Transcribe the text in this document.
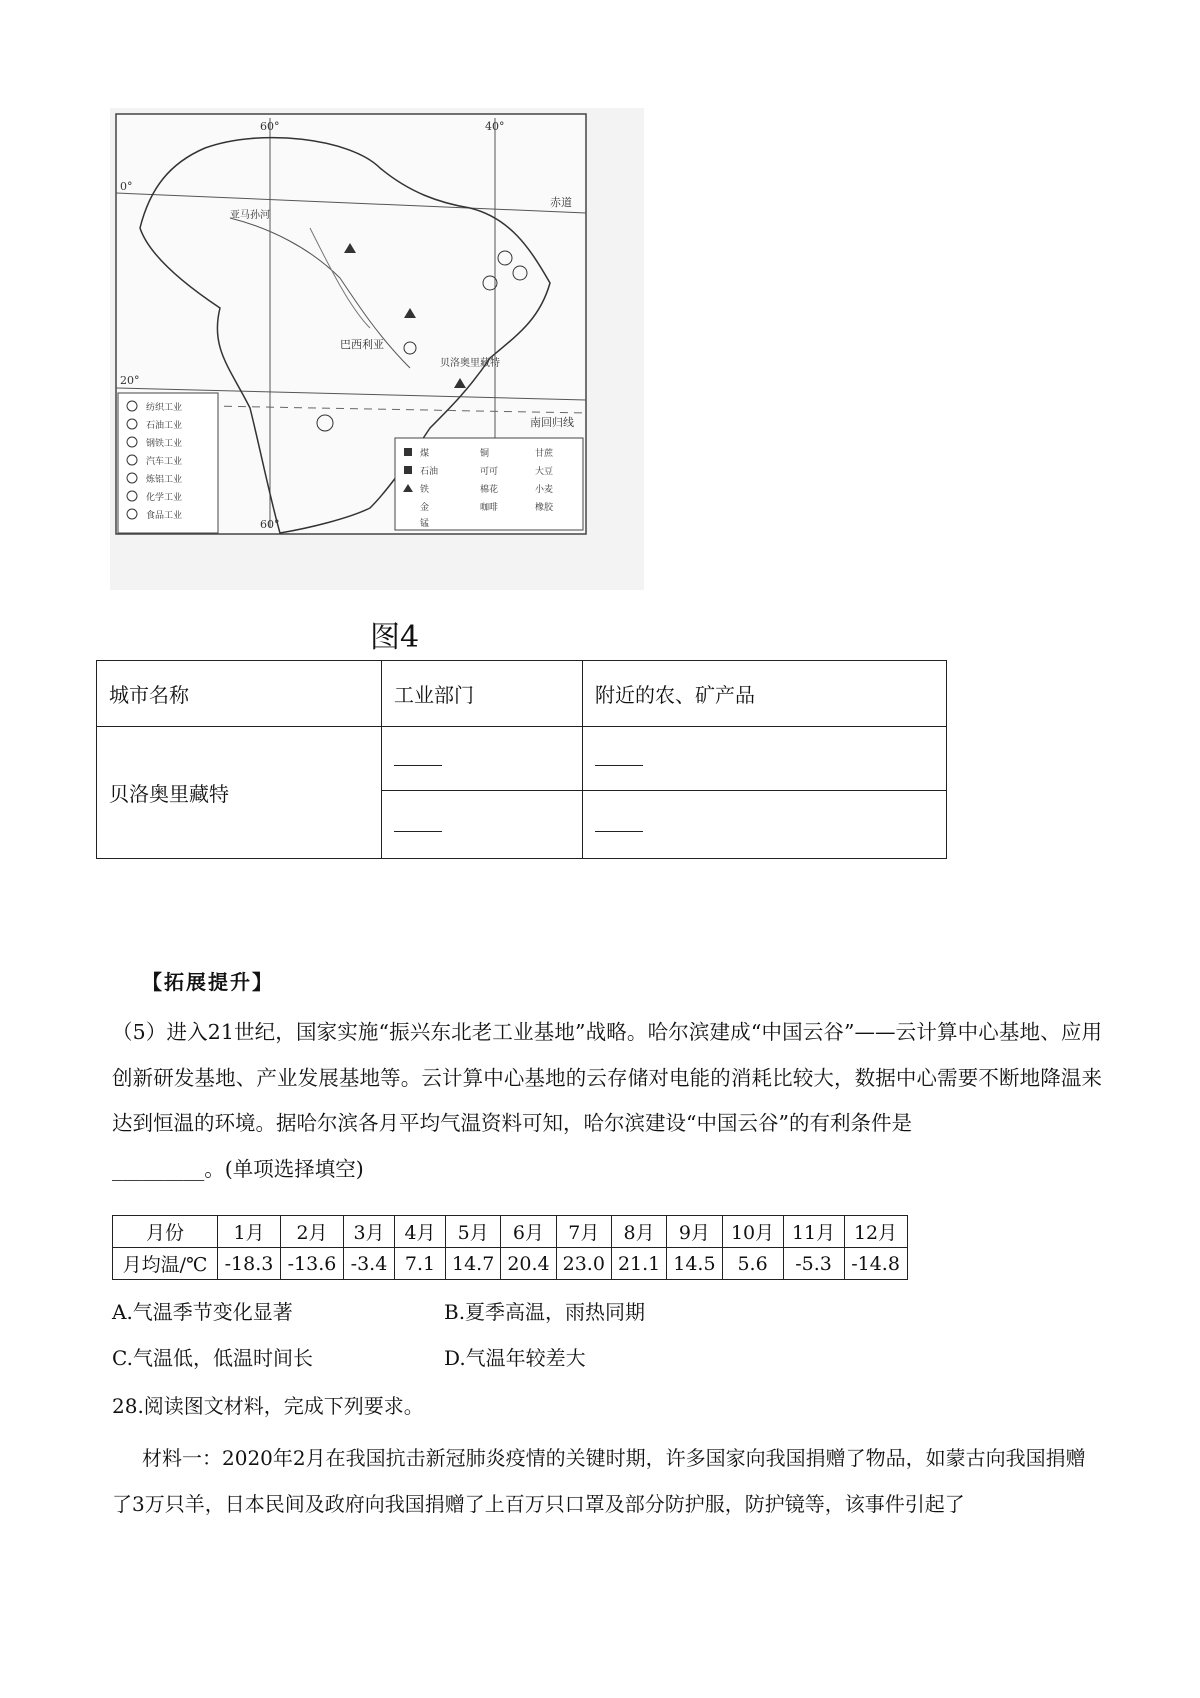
0°
20°
60°	40°
60°
赤道
南回归线
巴西利亚
贝洛奥里藏特
亚马孙河
纺织工业
石油工业
钢铁工业
汽车工业
炼铝工业
化学工业
食品工业
煤
石油
铁
金
锰
铜
可可
棉花
咖啡
甘蔗
大豆
小麦
橡胶
图4
城市名称	工业部门	附近的农、矿产品
贝洛奥里藏特		

【拓展提升】
（5）进入21世纪，国家实施“振兴东北老工业基地”战略。哈尔滨建成“中国云谷”——云计算中心基地、应用创新研发基地、产业发展基地等。云计算中心基地的云存储对电能的消耗比较大，数据中心需要不断地降温来达到恒温的环境。据哈尔滨各月平均气温资料可知，哈尔滨建设“中国云谷”的有利条件是
_________。(单项选择填空)
月份	1月	2月	3月	4月	5月	6月	7月	8月	9月	10月	11月	12月
月均温/℃	-18.3	-13.6	-3.4	7.1	14.7	20.4	23.0	21.1	14.5	5.6	-5.3	-14.8
A.气温季节变化显著	B.夏季高温，雨热同期
C.气温低，低温时间长	D.气温年较差大
28.阅读图文材料，完成下列要求。
材料一：2020年2月在我国抗击新冠肺炎疫情的关键时期，许多国家向我国捐赠了物品，如蒙古向我国捐赠了3万只羊，日本民间及政府向我国捐赠了上百万只口罩及部分防护服，防护镜等，该事件引起了
